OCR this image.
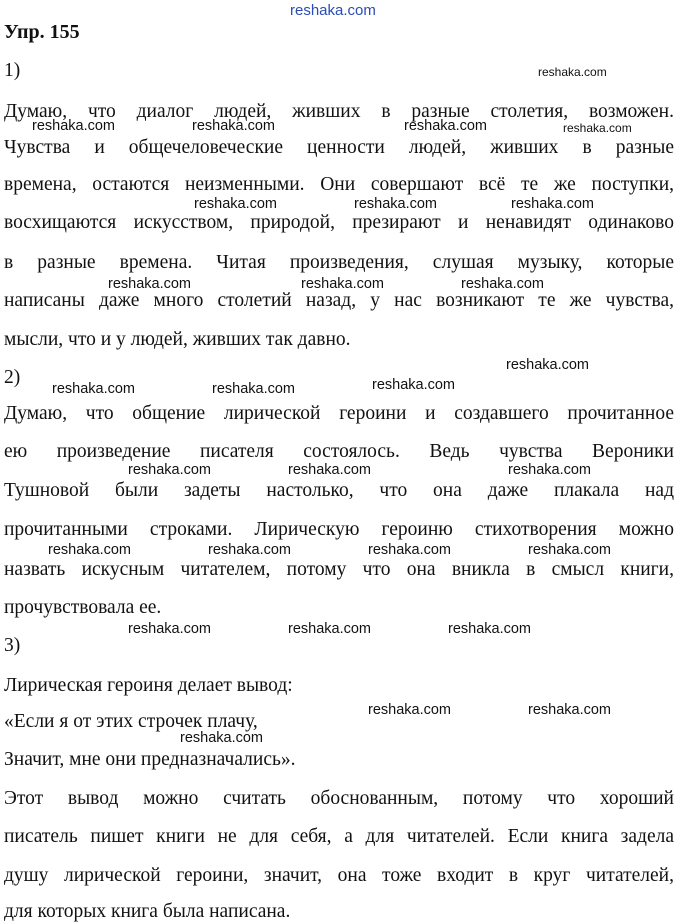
reshaka.com
Упр. 155
1)
Думаю, что диалог людей, живших в разные столетия, возможен.
Чувства и общечеловеческие ценности людей, живших в разные
времена, остаются неизменными. Они совершают всё те же поступки,
восхищаются искусством, природой, презирают и ненавидят одинаково
в разные времена. Читая произведения, слушая музыку, которые
написаны даже много столетий назад, у нас возникают те же чувства,
мысли, что и у людей, живших так давно.
2)
Думаю, что общение лирической героини и создавшего прочитанное
ею произведение писателя состоялось. Ведь чувства Вероники
Тушновой были задеты настолько, что она даже плакала над
прочитанными строками. Лирическую героиню стихотворения можно
назвать искусным читателем, потому что она вникла в смысл книги,
прочувствовала ее.
3)
Лирическая героиня делает вывод:
«Если я от этих строчек плачу,
Значит, мне они предназначались».
Этот вывод можно считать обоснованным, потому что хороший
писатель пишет книги не для себя, а для читателей. Если книга задела
душу лирической героини, значит, она тоже входит в круг читателей,
для которых книга была написана.
reshaka.com
reshaka.com	reshaka.com	reshaka.com	reshaka.com
reshaka.com	reshaka.com	reshaka.com
reshaka.com	reshaka.com	reshaka.com
reshaka.com
reshaka.com
reshaka.com	reshaka.com
reshaka.com	reshaka.com	reshaka.com
reshaka.com	reshaka.com	reshaka.com	reshaka.com
reshaka.com	reshaka.com	reshaka.com
reshaka.com	reshaka.com
reshaka.com
